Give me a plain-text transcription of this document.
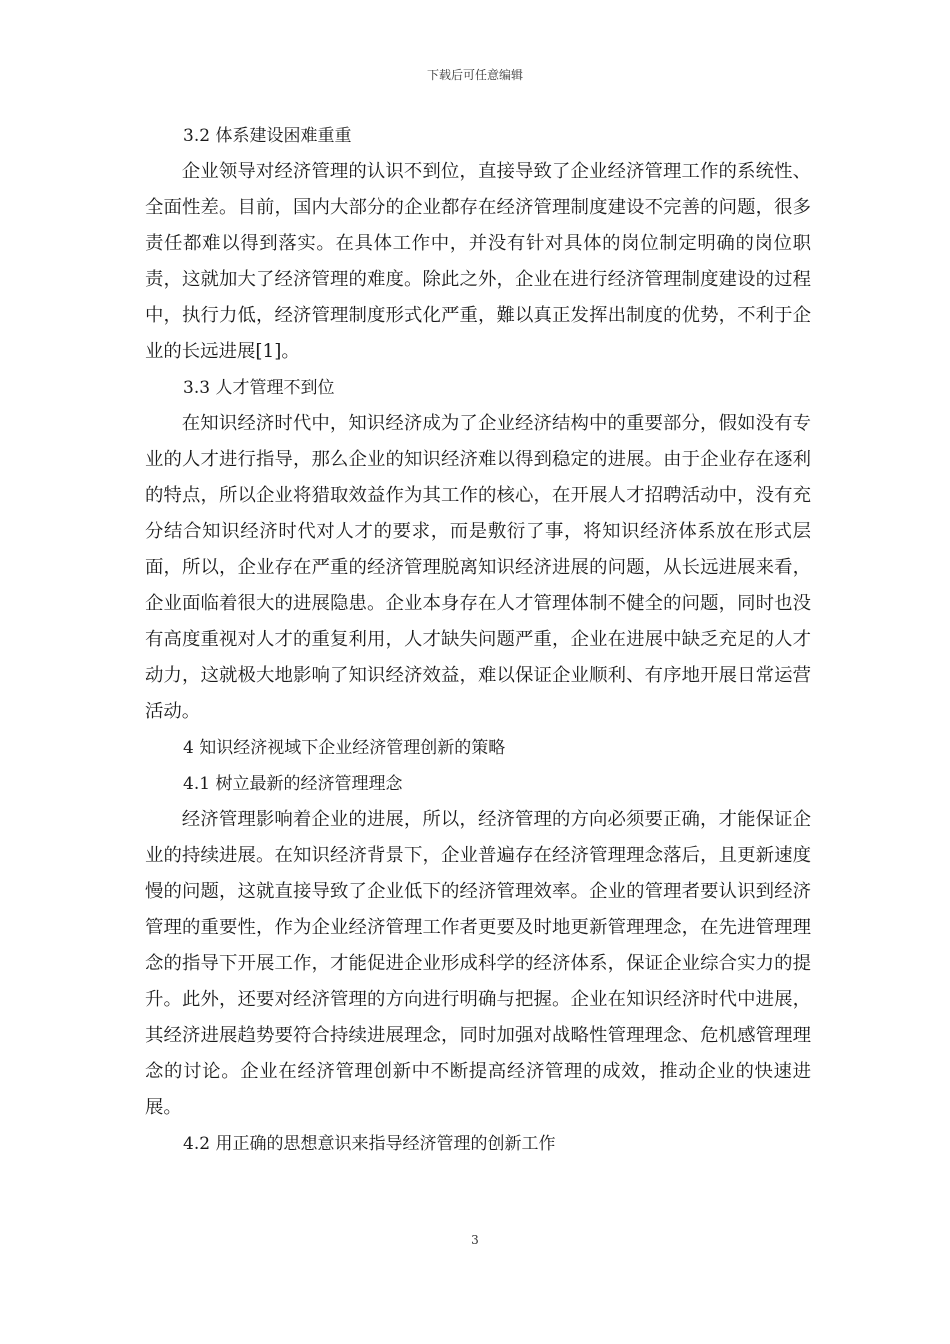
下载后可任意编辑
3.2 体系建设困难重重

企业领导对经济管理的认识不到位，直接导致了企业经济管理工作的系统性、全面性差。目前，国内大部分的企业都存在经济管理制度建设不完善的问题，很多责任都难以得到落实。在具体工作中，并没有针对具体的岗位制定明确的岗位职责，这就加大了经济管理的难度。除此之外，企业在进行经济管理制度建设的过程中，执行力低，经济管理制度形式化严重，難以真正发挥出制度的优势，不利于企业的长远进展[1]。

3.3 人才管理不到位

在知识经济时代中，知识经济成为了企业经济结构中的重要部分，假如没有专业的人才进行指导，那么企业的知识经济难以得到稳定的进展。由于企业存在逐利的特点，所以企业将猎取效益作为其工作的核心，在开展人才招聘活动中，没有充分结合知识经济时代对人才的要求，而是敷衍了事，将知识经济体系放在形式层面，所以，企业存在严重的经济管理脱离知识经济进展的问题，从长远进展来看，企业面临着很大的进展隐患。企业本身存在人才管理体制不健全的问题，同时也没有高度重视对人才的重复利用，人才缺失问题严重，企业在进展中缺乏充足的人才动力，这就极大地影响了知识经济效益，难以保证企业顺利、有序地开展日常运营活动。

4 知识经济视域下企业经济管理创新的策略
4.1 树立最新的经济管理理念

经济管理影响着企业的进展，所以，经济管理的方向必须要正确，才能保证企业的持续进展。在知识经济背景下，企业普遍存在经济管理理念落后，且更新速度慢的问题，这就直接导致了企业低下的经济管理效率。企业的管理者要认识到经济管理的重要性，作为企业经济管理工作者更要及时地更新管理理念，在先进管理理念的指导下开展工作，才能促进企业形成科学的经济体系，保证企业综合实力的提升。此外，还要对经济管理的方向进行明确与把握。企业在知识经济时代中进展，其经济进展趋势要符合持续进展理念，同时加强对战略性管理理念、危机感管理理念的讨论。企业在经济管理创新中不断提高经济管理的成效，推动企业的快速进展。

4.2 用正确的思想意识来指导经济管理的创新工作
3
